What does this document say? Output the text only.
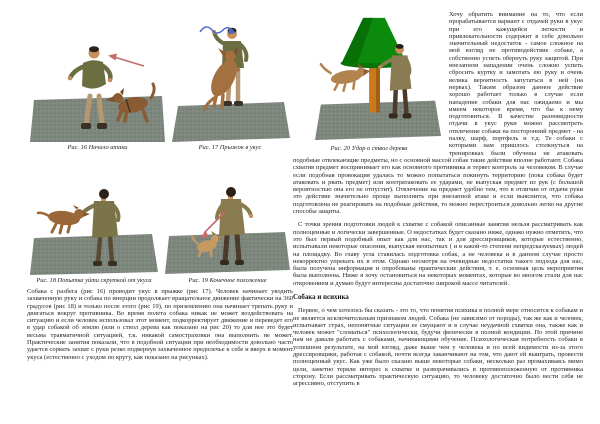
Рис. 16 Начало атаки	Рис. 17 Прыжок в укус
Рис. 18 Попытка уйти скруткой от укуса	Рис. 19 Конечное положение

Собака с разбега (рис 16) проводит укус в прыжке (рис 17). Человек начинает уводить захваченную руку и собака по инерции продолжает вращательное движение фактически на 360 градусов (рис 18) и только после этого (рис 19), по приземлению она начинает трепать руку и двигаться вокруг противника. Во время полета собака никак не может воздействовать на ситуацию и если человек использовал этот момент, подкорректирует движение и переведет его в удар собакой об землю (или о ствол дерева как показано на рис 20) то для нее это будет весьма травматичной ситуацией, т.к. никакой самостраховки она выполнить не может. Практические занятия показали, что в подобной ситуации при необходимости довольно часто удается сорвать захват с руки резко подвернув захваченное предплечье к себе и вверх в момент укуса (естественно с уходом по кругу, как показано на рисунках).

Рис. 20 Удар о ствол дерева

Хочу обратить внимание на то, что если прорабатывается вариант с отдачей руки в укус при его кажущейся легкости и привлекательности содержит в себе довольно значительный недостаток - самое сложное на мой взгляд не противодействие собаке, а собственно успеть обернуть руку защитой. При внезапном нападении очень сложно успеть сбросить куртку и замотать ею руку и очень велика вероятность запутаться в ней (на нервах). Таким образом данное действие хорошо работает только в случае если нападение собаки для нас ожидаемо и мы имеем некоторое время, что бы к нему подготовиться. В качестве разновидности отдачи в укус руки можно рассмотреть отвлечение собаки на посторонний предмет - на палку, шарф, портфель и т.д. Те собаки с которыми нам пришлось столкнуться на тренировках были обучены не атаковать подобные отвлекающие предметы, но с основной массой собак такие действия вполне работают. Собака схватив предмет воспринимает его как основного противника и теряет контроль за человеком. В случае если подобная провокация удалась то можно попытаться покинуть территорию (пока собака будет атаковать и рвать предмет) или контратаковать ее ударами, не выпуская предмет из рук (с большой вероятностью она его не отпустит). Отвлечение на предмет удобно тем, что в отличии от отдачи руки это действие значительно проще выполнить при внезапной атаке и если выяснится, что собака подготовлена не реагировать на подобные действия, то можно перестроиться довольно легко на другие способы защиты.

С точки зрения подготовки людей к схватке с собакой описанные занятия нельзя рассматривать как полноценные и логически завершенные. О недостатках будет сказано ниже, однако нужно отметить, что это был первый подобный опыт как для нас, так и для дрессировщиков, которые естественно, испытывали некоторые опасения, выпуская неопытных ( и в какой-то степени непредсказуемых) людей на площадку. Во главу угла ставилась подготовка собак, а не человека и в данном случае просто некорректно упрекать их в этом. Однако несмотря на очевидные недостатки такого подхода для нас, была получена информация и опробованы практические действия, т. е. основная цель мероприятия была выполнена. Ниже я хочу остановиться на некоторых моментах, которые во многом стали для нас откровением и думаю будут интересны достаточно широкой массе читателей.

Собака и психика

Первое, о чем хотелось бы сказать - это то, что понятия психика в полной мере относится к собакам и не является исключительным признаком людей. Собака (не зависимо от породы), так же как и человек, испытывает страх, непонятные ситуации ее смущают и в случае неудачной схватки она, также как и человек может "сломаться" психологически, будучи физически в полной кондиции. По этой причине нам не давали работать с собаками, начинающими обучение. Психологическая потребность собаки в успешном результате, на мой взгляд, даже выше чем у человека и по всей видимости из-за этого дрессировщики, работая с собакой, почти всегда заканчивают на том, что дают ей выиграть, провести полноценный укус. Как уже было сказано выше некоторые собаки, несколько раз промахиваясь мимо цели, заметно теряли интерес к схватке и разворачивались в противоположенную от противника сторону. Если рассматривать практическую ситуацию, то человеку достаточно было вести себя не агрессивно, отступить в
